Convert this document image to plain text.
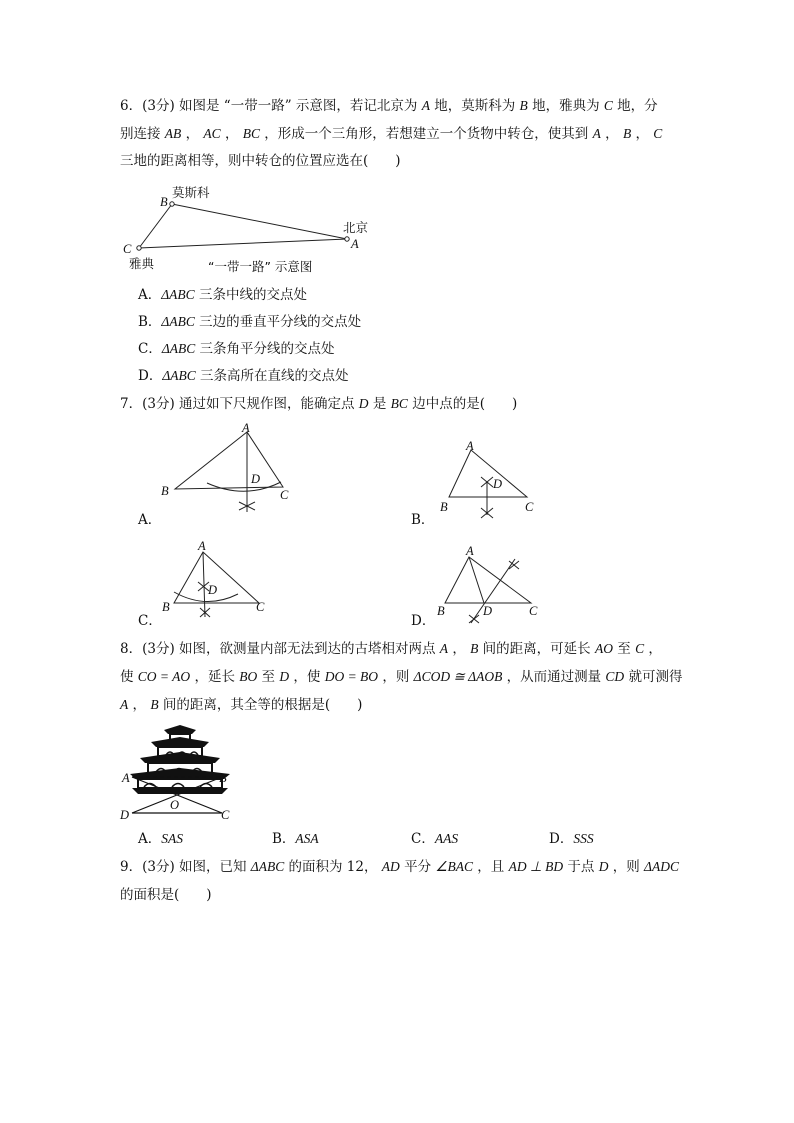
6．(3分) 如图是 “一带一路” 示意图，若记北京为 A 地，莫斯科为 B 地，雅典为 C 地，分
别连接 AB ， AC ， BC ，形成一个三角形，若想建立一个货物中转仓，使其到 A ， B ， C
三地的距离相等，则中转仓的位置应选在(　　)
B
C	A
莫斯科
北京
雅典	“一带一路” 示意图
A．ΔABC 三条中线的交点处
B．ΔABC 三边的垂直平分线的交点处
C．ΔABC 三条角平分线的交点处
D．ΔABC 三条高所在直线的交点处
7．(3分) 通过如下尺规作图，能确定点 D 是 BC 边中点的是(　　)
A
B	C
D
A．
A
B	C
D
B．
A
B	C
D
C．
A
B	C
D
D．
8．(3分) 如图，欲测量内部无法到达的古塔相对两点 A ， B 间的距离，可延长 AO 至 C ，
使 CO = AO ，延长 BO 至 D ，使 DO = BO ，则 ΔCOD ≅ ΔAOB ，从而通过测量 CD 就可测得
A ， B 间的距离，其全等的根据是(　　)
A	B
O
D	C
A．SAS	B．ASA	C．AAS	D．SSS
9．(3分) 如图，已知 ΔABC 的面积为 12， AD 平分 ∠BAC ，且 AD ⊥ BD 于点 D ，则 ΔADC
的面积是(　　)
